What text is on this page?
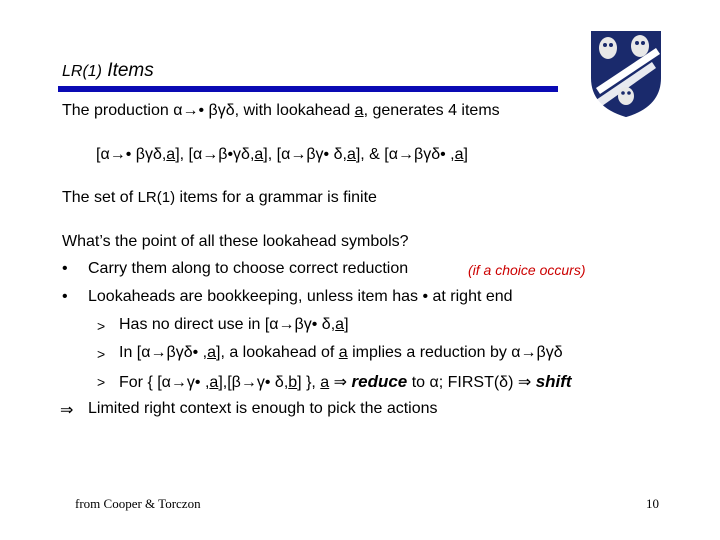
LR(1) Items
The production α→• βγδ, with lookahead a, generates 4 items
[α→• βγδ,a], [α→β•γδ,a], [α→βγ• δ,a], & [α→βγδ• ,a]
The set of LR(1) items for a grammar is finite
What’s the point of all these lookahead symbols?
• Carry them along to choose correct reduction	(if a choice occurs)
• Lookaheads are bookkeeping, unless item has • at right end
> Has no direct use in [α→βγ• δ,a]
> In [α→βγδ• ,a], a lookahead of a implies a reduction by α→βγδ
> For { [α→γ• ,a],[β→γ• δ,b] }, a ⇒ reduce to α; FIRST(δ) ⇒ shift
⇒ Limited right context is enough to pick the actions
from Cooper & Torczon	10
